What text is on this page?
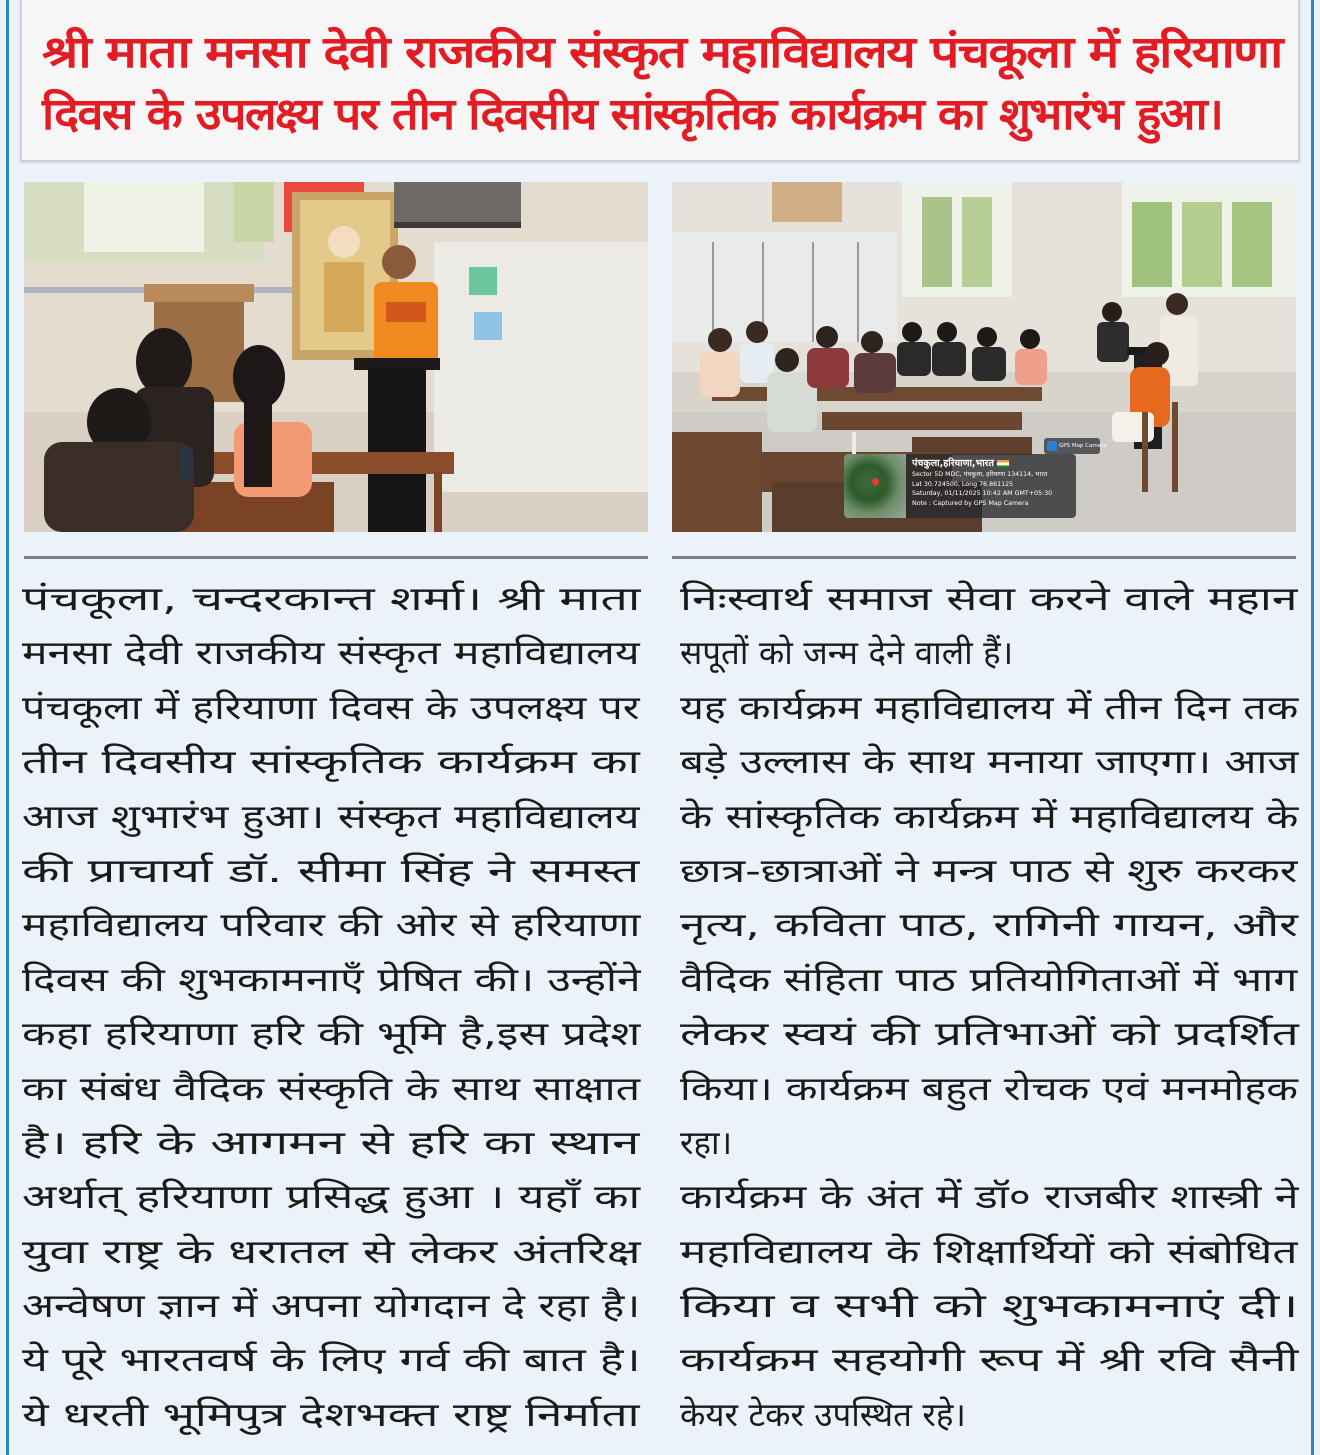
श्री माता मनसा देवी राजकीय संस्कृत महाविद्यालय पंचकूला में हरियाणा
दिवस के उपलक्ष्य पर तीन दिवसीय सांस्कृतिक कार्यक्रम का शुभारंभ हुआ।
GPS Map Camera
पंचकुला,हरियाणा,भारत
Sector 5D MDC, पंचकुला, हरियाणा 134114, भारत
Lat 30.724500, Long 76.861125
Saturday, 01/11/2025 10:42 AM GMT+05:30
Note : Captured by GPS Map Camera
पंचकूला, चन्दरकान्त शर्मा। श्री माता
मनसा देवी राजकीय संस्कृत महाविद्यालय
पंचकूला में हरियाणा दिवस के उपलक्ष्य पर
तीन दिवसीय सांस्कृतिक कार्यक्रम का
आज शुभारंभ हुआ। संस्कृत महाविद्यालय
की प्राचार्या डॉ. सीमा सिंह ने समस्त
महाविद्यालय परिवार की ओर से हरियाणा
दिवस की शुभकामनाएँ प्रेषित की। उन्होंने
कहा हरियाणा हरि की भूमि है,इस प्रदेश
का संबंध वैदिक संस्कृति के साथ साक्षात
है। हरि के आगमन से हरि का स्थान
अर्थात् हरियाणा प्रसिद्ध हुआ । यहाँ का
युवा राष्ट्र के धरातल से लेकर अंतरिक्ष
अन्वेषण ज्ञान में अपना योगदान दे रहा है।
ये पूरे भारतवर्ष के लिए गर्व की बात है।
ये धरती भूमिपुत्र देशभक्त राष्ट्र निर्माता
निःस्वार्थ समाज सेवा करने वाले महान
सपूतों को जन्म देने वाली हैं।
यह कार्यक्रम महाविद्यालय में तीन दिन तक
बड़े उल्लास के साथ मनाया जाएगा। आज
के सांस्कृतिक कार्यक्रम में महाविद्यालय के
छात्र-छात्राओं ने मन्त्र पाठ से शुरु करकर
नृत्य, कविता पाठ, रागिनी गायन, और
वैदिक संहिता पाठ प्रतियोगिताओं में भाग
लेकर स्वयं की प्रतिभाओं को प्रदर्शित
किया। कार्यक्रम बहुत रोचक एवं मनमोहक
रहा।
कार्यक्रम के अंत में डॉ० राजबीर शास्त्री ने
महाविद्यालय के शिक्षार्थियों को संबोधित
किया व सभी को शुभकामनाएं दी।
कार्यक्रम सहयोगी रूप में श्री रवि सैनी
केयर टेकर उपस्थित रहे।
